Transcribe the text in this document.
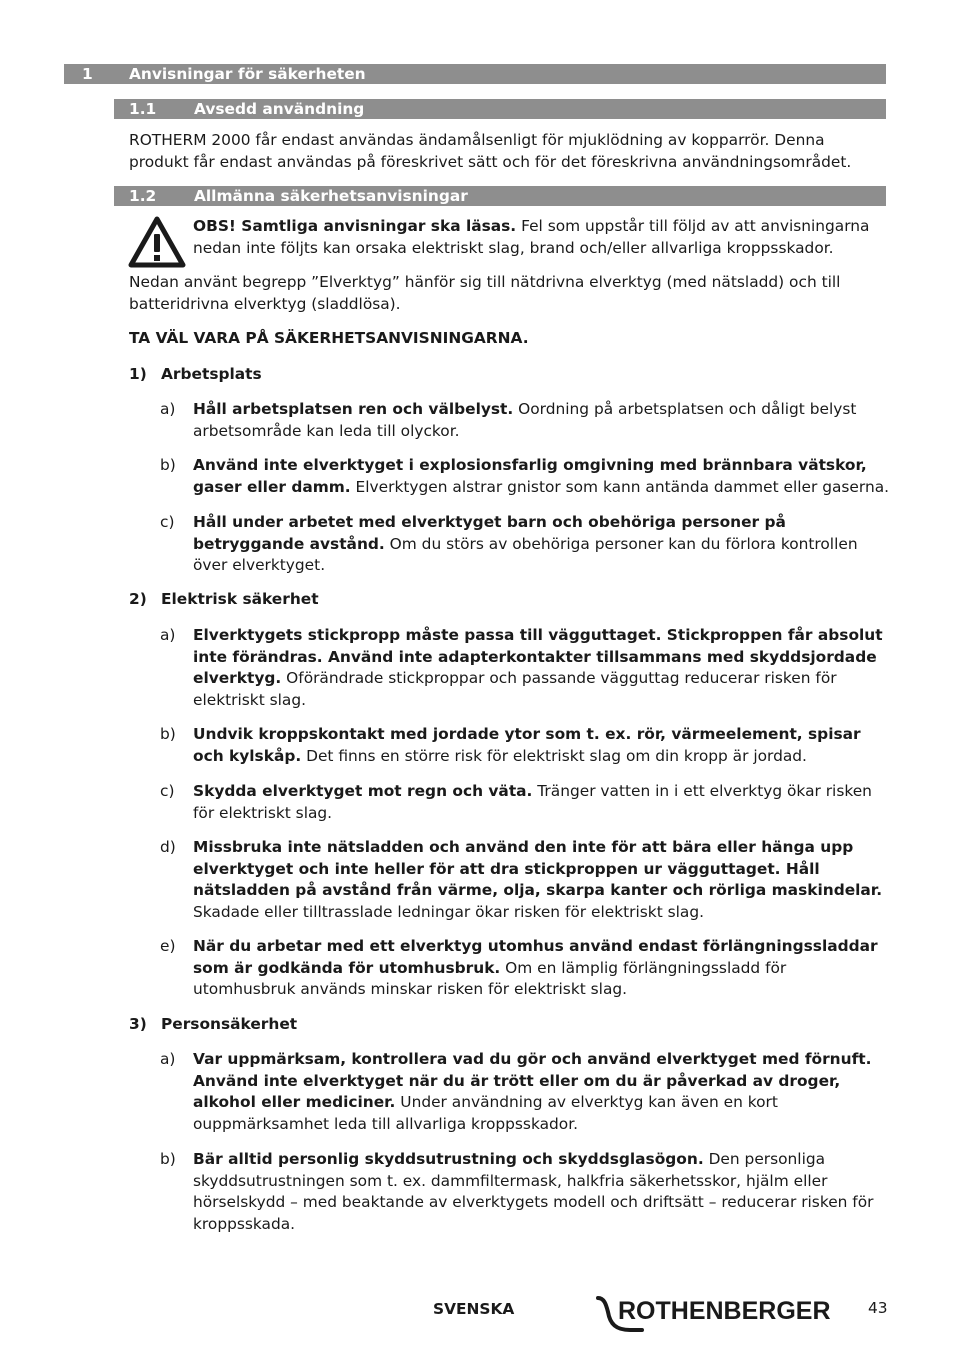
1 Anvisningar för säkerheten
1.1 Avsedd användning

ROTHERM 2000 får endast användas ändamålsenligt för mjuklödning av kopparrör. Denna produkt får endast användas på föreskrivet sätt och för det föreskrivna användningsområdet.

1.2 Allmänna säkerhetsanvisningar

OBS! Samtliga anvisningar ska läsas. Fel som uppstår till följd av att anvisningarna nedan inte följts kan orsaka elektriskt slag, brand och/eller allvarliga kroppsskador.

Nedan använt begrepp ”Elverktyg” hänför sig till nätdrivna elverktyg (med nätsladd) och till batteridrivna elverktyg (sladdlösa).

TA VÄL VARA PÅ SÄKERHETSANVISNINGARNA.

1) Arbetsplats
a)	Håll arbetsplatsen ren och välbelyst. Oordning på arbetsplatsen och dåligt belyst arbetsområde kan leda till olyckor.
b)	Använd inte elverktyget i explosionsfarlig omgivning med brännbara vätskor, gaser eller damm. Elverktygen alstrar gnistor som kann antända dammet eller gaserna.
c)	Håll under arbetet med elverktyget barn och obehöriga personer på betryggande avstånd. Om du störs av obehöriga personer kan du förlora kontrollen över elverktyget.
2) Elektrisk säkerhet
a)	Elverktygets stickpropp måste passa till vägguttaget. Stickproppen får absolut inte förändras. Använd inte adapterkontakter tillsammans med skyddsjordade elverktyg. Oförändrade stickproppar och passande vägguttag reducerar risken för elektriskt slag.
b)	Undvik kroppskontakt med jordade ytor som t. ex. rör, värmeelement, spisar och kylskåp. Det finns en större risk för elektriskt slag om din kropp är jordad.
c)	Skydda elverktyget mot regn och väta. Tränger vatten in i ett elverktyg ökar risken för elektriskt slag.
d)	Missbruka inte nätsladden och använd den inte för att bära eller hänga upp elverktyget och inte heller för att dra stickproppen ur vägguttaget. Håll nätsladden på avstånd från värme, olja, skarpa kanter och rörliga maskindelar. Skadade eller tilltrasslade ledningar ökar risken för elektriskt slag.
e)	När du arbetar med ett elverktyg utomhus använd endast förlängningssladdar som är godkända för utomhusbruk. Om en lämplig förlängningssladd för utomhusbruk används minskar risken för elektriskt slag.
3) Personsäkerhet
a)	Var uppmärksam, kontrollera vad du gör och använd elverktyget med förnuft. Använd inte elverktyget när du är trött eller om du är påverkad av droger, alkohol eller mediciner. Under användning av elverktyg kan även en kort ouppmärksamhet leda till allvarliga kroppsskador.
b)	Bär alltid personlig skyddsutrustning och skyddsglasögon. Den personliga skyddsutrustningen som t. ex. dammfiltermask, halkfria säkerhetsskor, hjälm eller hörselskydd – med beaktande av elverktygets modell och driftsätt – reducerar risken för kroppsskada.
SVENSKA	ROTHENBERGER 43
